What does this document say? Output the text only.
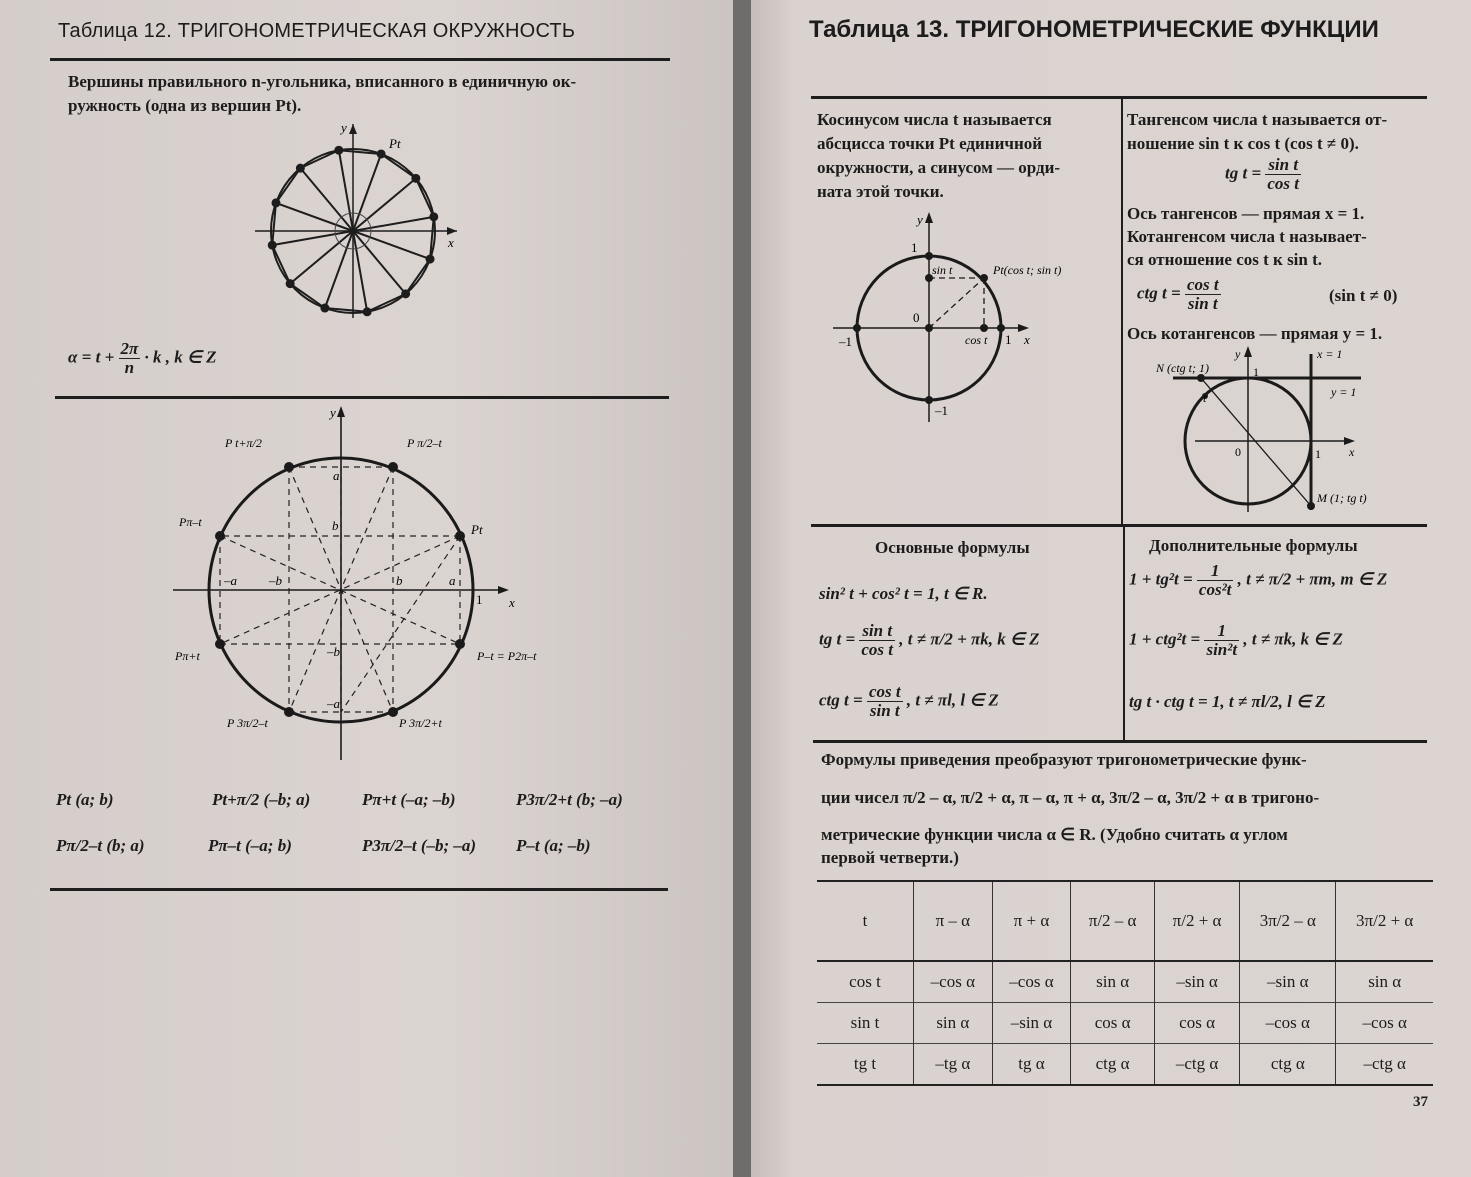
Таблица 12. ТРИГОНОМЕТРИЧЕСКАЯ ОКРУЖНОСТЬ
Вершины правильного n-угольника, вписанного в единичную ок-
ружность (одна из вершин Pt).
y
x
Pt
$\alpha = t + \frac{2\pi}{n} \cdot k$ , k ∈ Z
y
x
1
a
b
–b
–a
–a –b	b	a
Pt
Pπ–t
Pπ+t	P–t = P2π–t
P t+π/2	P π/2–t
P 3π/2–t	P 3π/2+t
Pt (a; b)	Pt+π/2 (–b; a)	Pπ+t (–a; –b)	P3π/2+t (b; –a)
Pπ/2–t (b; a)	Pπ–t (–a; b)	P3π/2–t (–b; –a) P–t (a; –b)
Таблица 13. ТРИГОНОМЕТРИЧЕСКИЕ ФУНКЦИИ
Косинусом числа t называется
абсцисса точки Pt единичной
окружности, а синусом — орди-
ната этой точки.
y
x
1
1
–1
–1
0
sin t
cos t
Pt(cos t; sin t)
Тангенсом числа t называется от-
ношение sin t к cos t (cos t ≠ 0).
tg $t = \frac{\text{sin t}}{\text{cos t}}$
Ось тангенсов — прямая x = 1.
Котангенсом числа t называет-
ся отношение cos t к sin t.
ctg $t = \frac{\text{cos t}}{\text{sin t}}$	(sin t ≠ 0)
Ось котангенсов — прямая y = 1.
y
x
x = 1
y = 1
N (ctg t; 1)
M (1; tg t)
0	1
1
t
Основные формулы
sin² t + cos² t = 1, t ∈ R.
tg $t = \frac{\text{sin t}}{\text{cos t}}$ , t ≠ π/2 + πk, k ∈ Z
ctg $t = \frac{\text{cos t}}{\text{sin t}}$ , t ≠ πl, l ∈ Z
Дополнительные формулы
$1 + tg^2t = \frac{1}{\text{cos²t}}$ , t ≠ π/2 + πm, m ∈ Z
$1 + ctg^2t = \frac{1}{\text{sin²t}}$ , t ≠ πk, k ∈ Z
tg t · ctg t = 1, t ≠ πl/2, l ∈ Z
Формулы приведения преобразуют тригонометрические функ-
ции чисел π/2 – α, π/2 + α, π – α, π + α, 3π/2 – α, 3π/2 + α в тригоно-
метрические функции числа α ∈ R. (Удобно считать α углом
первой четверти.)
t	π – α	π + α	π/2 – α	π/2 + α	3π/2 – α	3π/2 + α
cos t	–cos α	–cos α	sin α	–sin α	–sin α	sin α
sin t	sin α	–sin α	cos α	cos α	–cos α	–cos α
tg t	–tg α	tg α	ctg α	–ctg α	ctg α	–ctg α
37
